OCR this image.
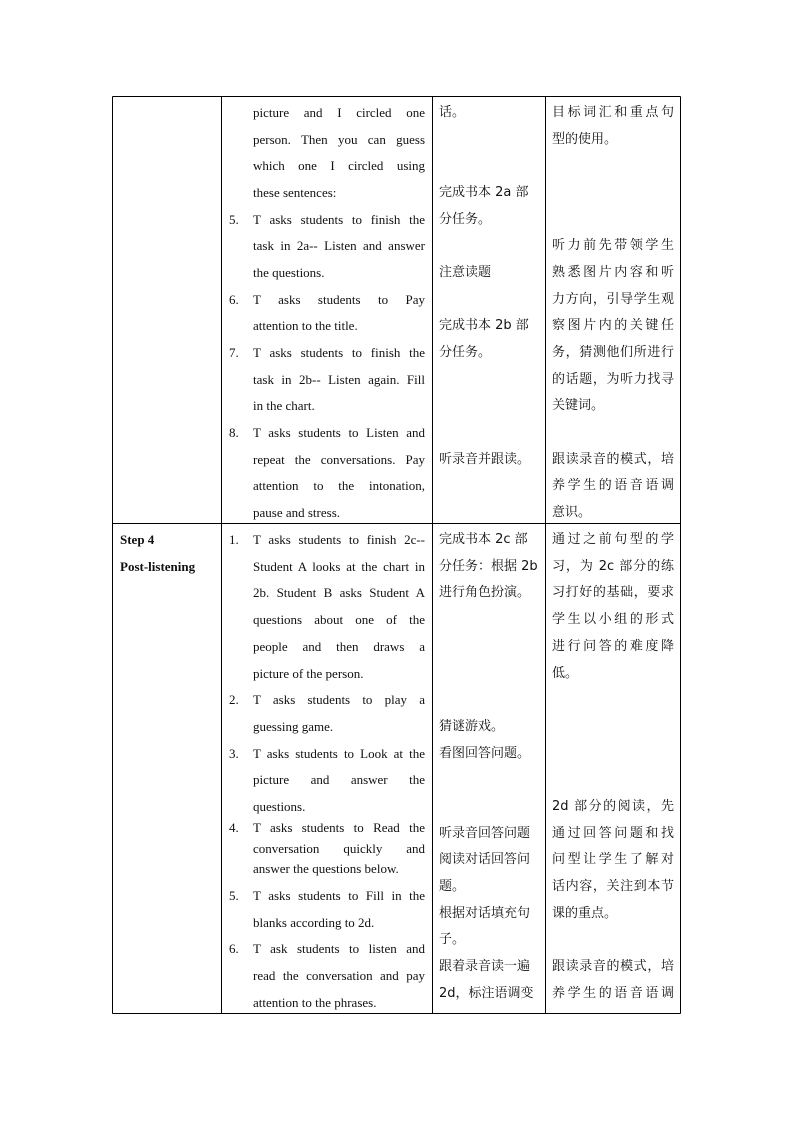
picture and I circled one
person. Then you can guess
which one I circled using
these sentences:
5. T asks students to finish the
task in 2a-- Listen and answer
the questions.
6. T asks students to Pay
attention to the title.
7. T asks students to finish the
task in 2b-- Listen again. Fill
in the chart.
8. T asks students to Listen and
repeat the conversations. Pay
attention to the intonation,
pause and stress.
话。
完成书本 2a 部
分任务。
注意读题
完成书本 2b 部
分任务。
听录音并跟读。
目标词汇和重点句
型的使用。
听力前先带领学生
熟悉图片内容和听
力方向，引导学生观
察图片内的关键任
务，猜测他们所进行
的话题，为听力找寻
关键词。
跟读录音的模式，培
养学生的语音语调
意识。
Step 4
Post-listening
1. T asks students to finish 2c--
Student A looks at the chart in
2b. Student B asks Student A
questions about one of the
people and then draws a
picture of the person.
2. T asks students to play a
guessing game.
3. T asks students to Look at the
picture and answer the
questions.
4. T asks students to Read the
conversation quickly and
answer the questions below.
5. T asks students to Fill in the
blanks according to 2d.
6. T ask students to listen and
read the conversation and pay
attention to the phrases.
完成书本 2c 部
分任务：根据 2b
进行角色扮演。
猜谜游戏。
看图回答问题。
听录音回答问题
阅读对话回答问
题。
根据对话填充句
子。
跟着录音读一遍
2d，标注语调变
通过之前句型的学
习，为 2c 部分的练
习打好的基础，要求
学生以小组的形式
进行问答的难度降
低。
2d 部分的阅读，先
通过回答问题和找
问型让学生了解对
话内容，关注到本节
课的重点。
跟读录音的模式，培
养学生的语音语调
